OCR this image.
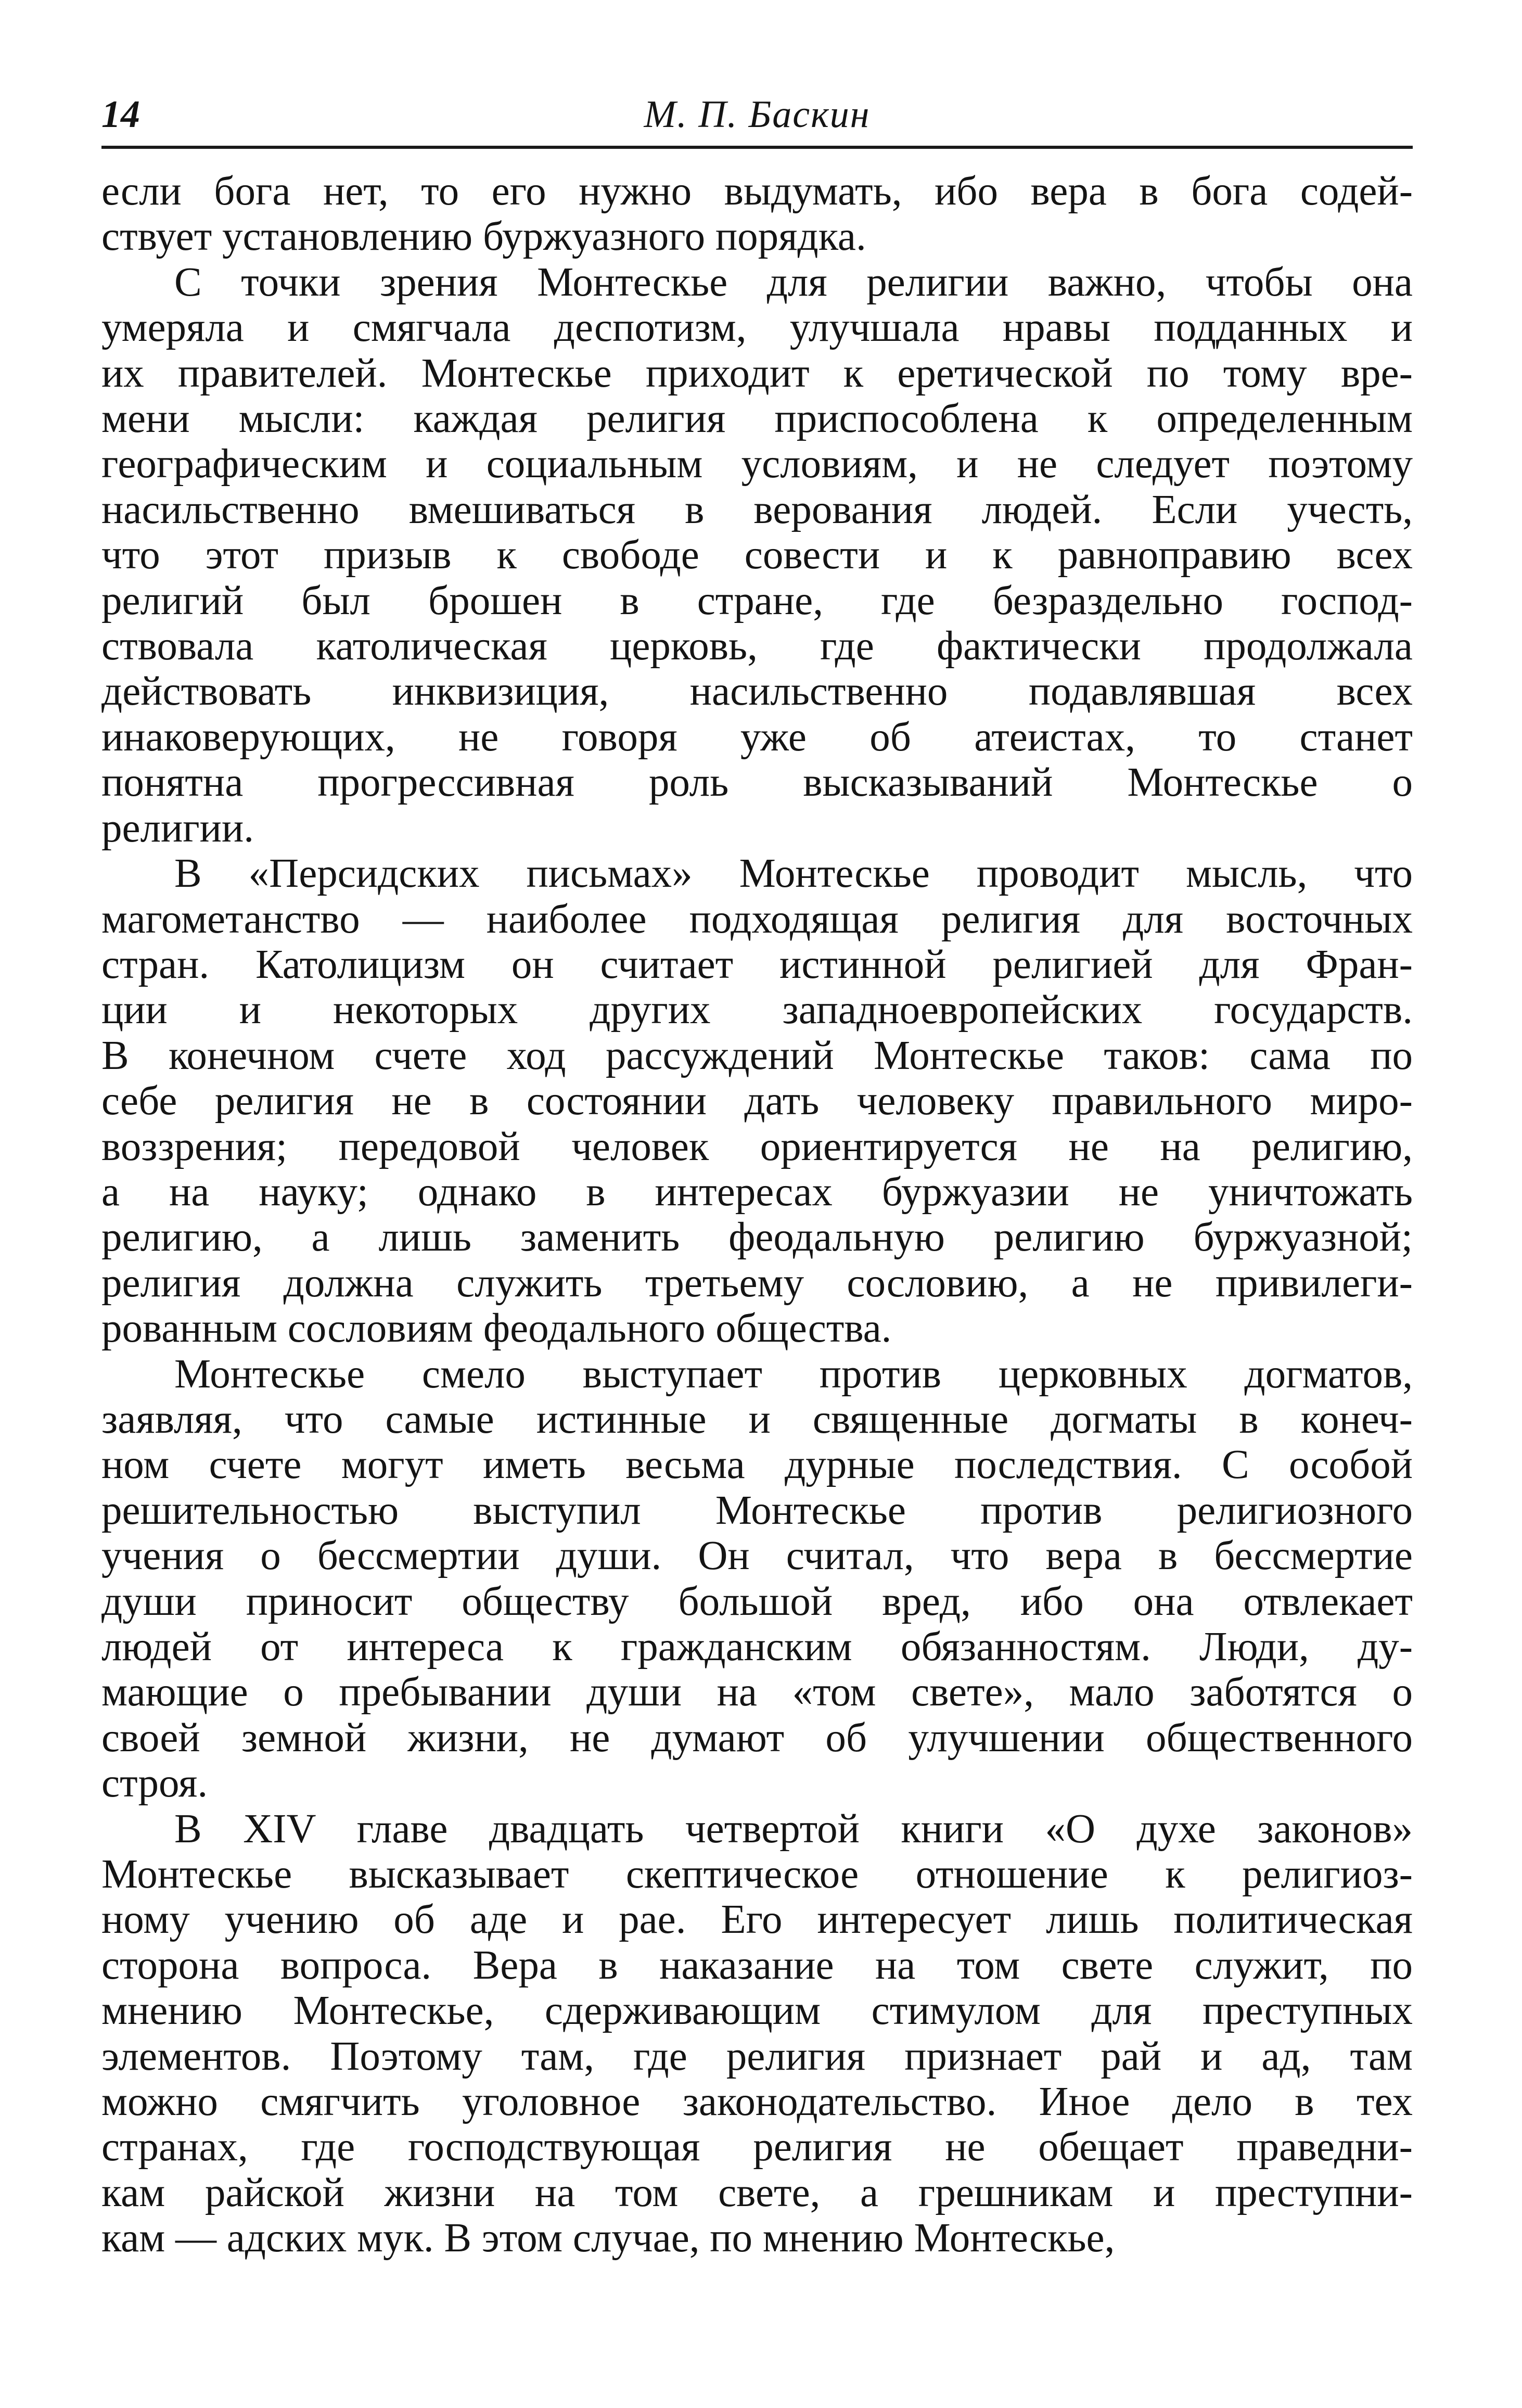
14	М. П. Баскин
если бога нет, то его нужно выдумать, ибо вера в бога содей-
ствует установлению буржуазного порядка.
С точки зрения Монтескье для религии важно, чтобы она
умеряла и смягчала деспотизм, улучшала нравы подданных и
их правителей. Монтескье приходит к еретической по тому вре-
мени мысли: каждая религия приспособлена к определенным
географическим и социальным условиям, и не следует поэтому
насильственно вмешиваться в верования людей. Если учесть,
что этот призыв к свободе совести и к равноправию всех
религий был брошен в стране, где безраздельно господ-
ствовала католическая церковь, где фактически продолжала
действовать инквизиция, насильственно подавлявшая всех
инаковерующих, не говоря уже об атеистах, то станет
понятна прогрессивная роль высказываний Монтескье о
религии.
В «Персидских письмах» Монтескье проводит мысль, что
магометанство — наиболее подходящая религия для восточных
стран. Католицизм он считает истинной религией для Фран-
ции и некоторых других западноевропейских государств.
В конечном счете ход рассуждений Монтескье таков: сама по
себе религия не в состоянии дать человеку правильного миро-
воззрения; передовой человек ориентируется не на религию,
а на науку; однако в интересах буржуазии не уничтожать
религию, а лишь заменить феодальную религию буржуазной;
религия должна служить третьему сословию, а не привилеги-
рованным сословиям феодального общества.
Монтескье смело выступает против церковных догматов,
заявляя, что самые истинные и священные догматы в конеч-
ном счете могут иметь весьма дурные последствия. С особой
решительностью выступил Монтескье против религиозного
учения о бессмертии души. Он считал, что вера в бессмертие
души приносит обществу большой вред, ибо она отвлекает
людей от интереса к гражданским обязанностям. Люди, ду-
мающие о пребывании души на «том свете», мало заботятся о
своей земной жизни, не думают об улучшении общественного
строя.
В XIV главе двадцать четвертой книги «О духе законов»
Монтескье высказывает скептическое отношение к религиоз-
ному учению об аде и рае. Его интересует лишь политическая
сторона вопроса. Вера в наказание на том свете служит, по
мнению Монтескье, сдерживающим стимулом для преступных
элементов. Поэтому там, где религия признает рай и ад, там
можно смягчить уголовное законодательство. Иное дело в тех
странах, где господствующая религия не обещает праведни-
кам райской жизни на том свете, а грешникам и преступни-
кам — адских мук. В этом случае, по мнению Монтескье,
